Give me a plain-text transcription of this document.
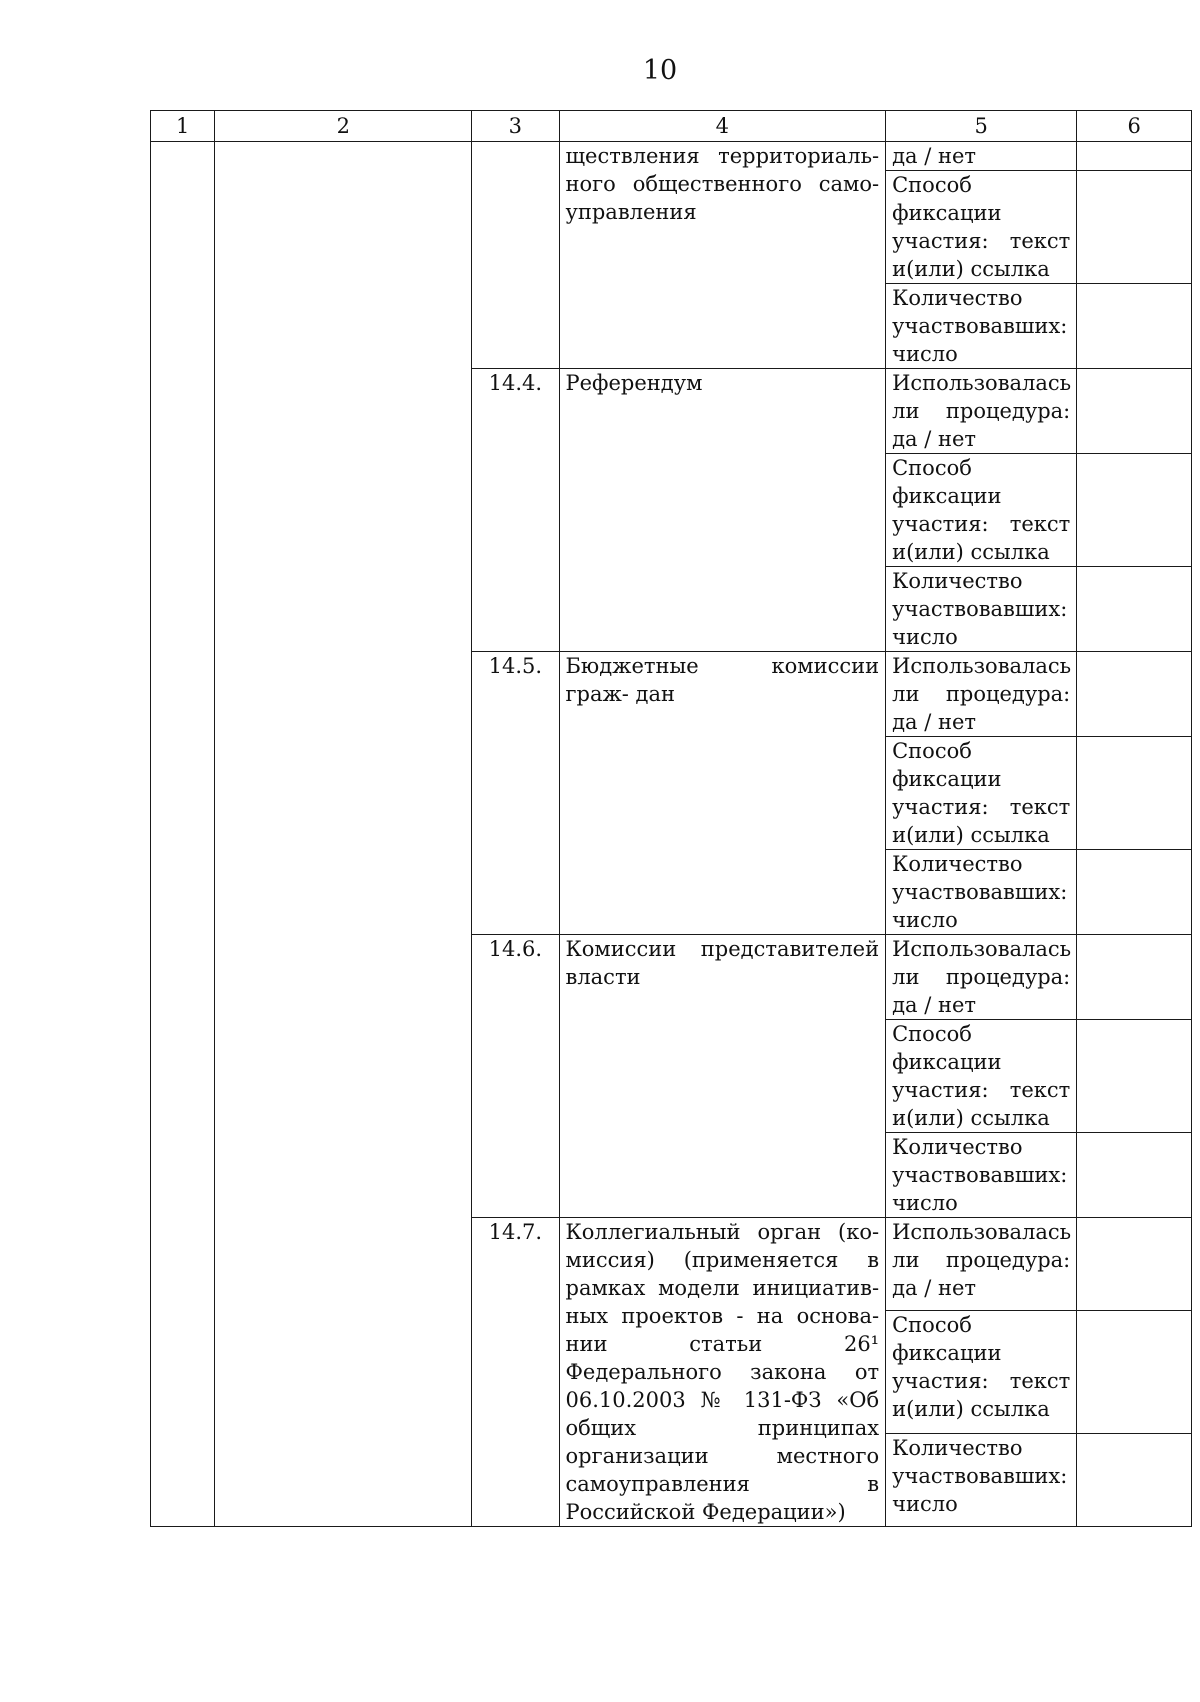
10
1	2	3	4	5	6
			ществления территориаль- ного общественного само- управления	да / нет	
				Способ фиксации участия: текст и(или) ссылка	
				Количество участвовавших: число	
		14.4.	Референдум	Использовалась ли процедура: да / нет	
				Способ фиксации участия: текст и(или) ссылка	
				Количество участвовавших: число	
		14.5.	Бюджетные комиссии граж- дан	Использовалась ли процедура: да / нет	
				Способ фиксации участия: текст и(или) ссылка	
				Количество участвовавших: число	
		14.6.	Комиссии представителей власти	Использовалась ли процедура: да / нет	
				Способ фиксации участия: текст и(или) ссылка	
				Количество участвовавших: число	
		14.7.	Коллегиальный орган (ко- миссия) (применяется в рамках модели инициатив- ных проектов - на основа- нии статьи 26¹ Федерального закона от 06.10.2003 № 131-ФЗ «Об общих принципах организации местного самоуправления в Российской Федерации»)	Использовалась ли процедура: да / нет	
				Способ фиксации участия: текст и(или) ссылка	
				Количество участвовавших: число	
